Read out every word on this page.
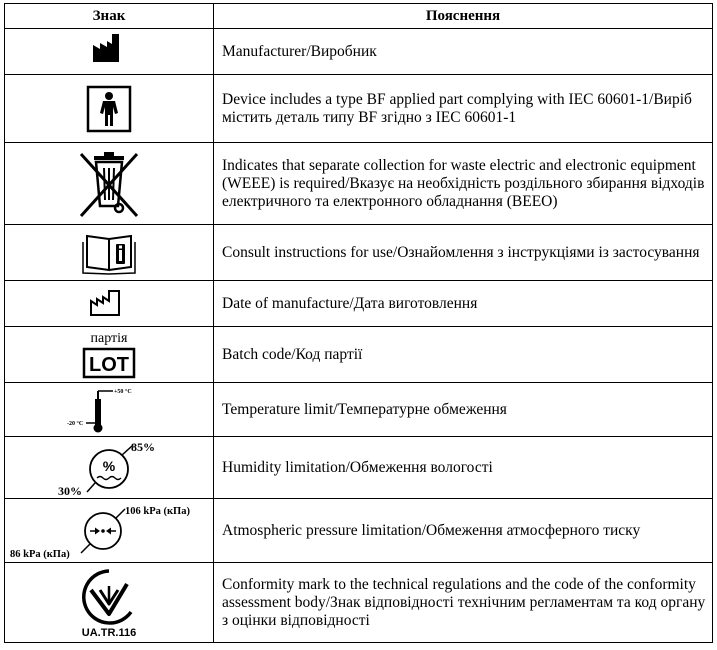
Знак	Пояснення

	Manufacturer/Виробник

	Device includes a type BF applied part complying with IEC 60601-1/Виріб містить деталь типу BF згідно з IEC 60601-1

	Indicates that separate collection for waste electric and electronic equipment (WEEE) is required/Вказує на необхідність роздільного збирання відходів електричного та електронного обладнання (ВЕЕО)

	Consult instructions for use/Ознайомлення з інструкціями із застосування

	Date of manufacture/Дата виготовлення

партія
LOT	Batch code/Код партії

+50 °C
-20 °C	Temperature limit/Температурне обмеження

%
85%
30%	Humidity limitation/Обмеження вологості

106 kPa (кПа)
86 kPa (кПа)	Atmospheric pressure limitation/Обмеження атмосферного тиску

UA.TR.116	Conformity mark to the technical regulations and the code of the conformity assessment body/Знак відповідності технічним регламентам та код органу з оцінки відповідності
